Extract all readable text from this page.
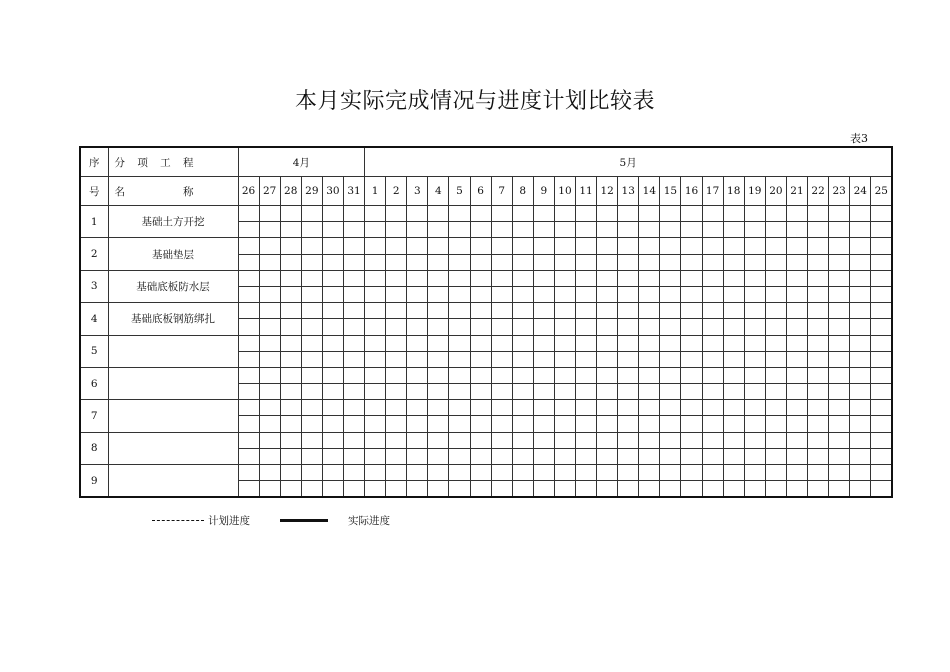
本月实际完成情况与进度计划比较表
表3
序	分 项 工 程	4月						5月																								
号	名 称	26	27	28	29	30	31	1	2	3	4	5	6	7	8	9	10	11	12	13	14	15	16	17	18	19	20	21	22	23	24	25
1	基础土方开挖																															

2	基础垫层																															

3	基础底板防水层																															

4	基础底板钢筋绑扎																															

5																																

6																																

7																																

8																																

9																																

计划进度	实际进度
